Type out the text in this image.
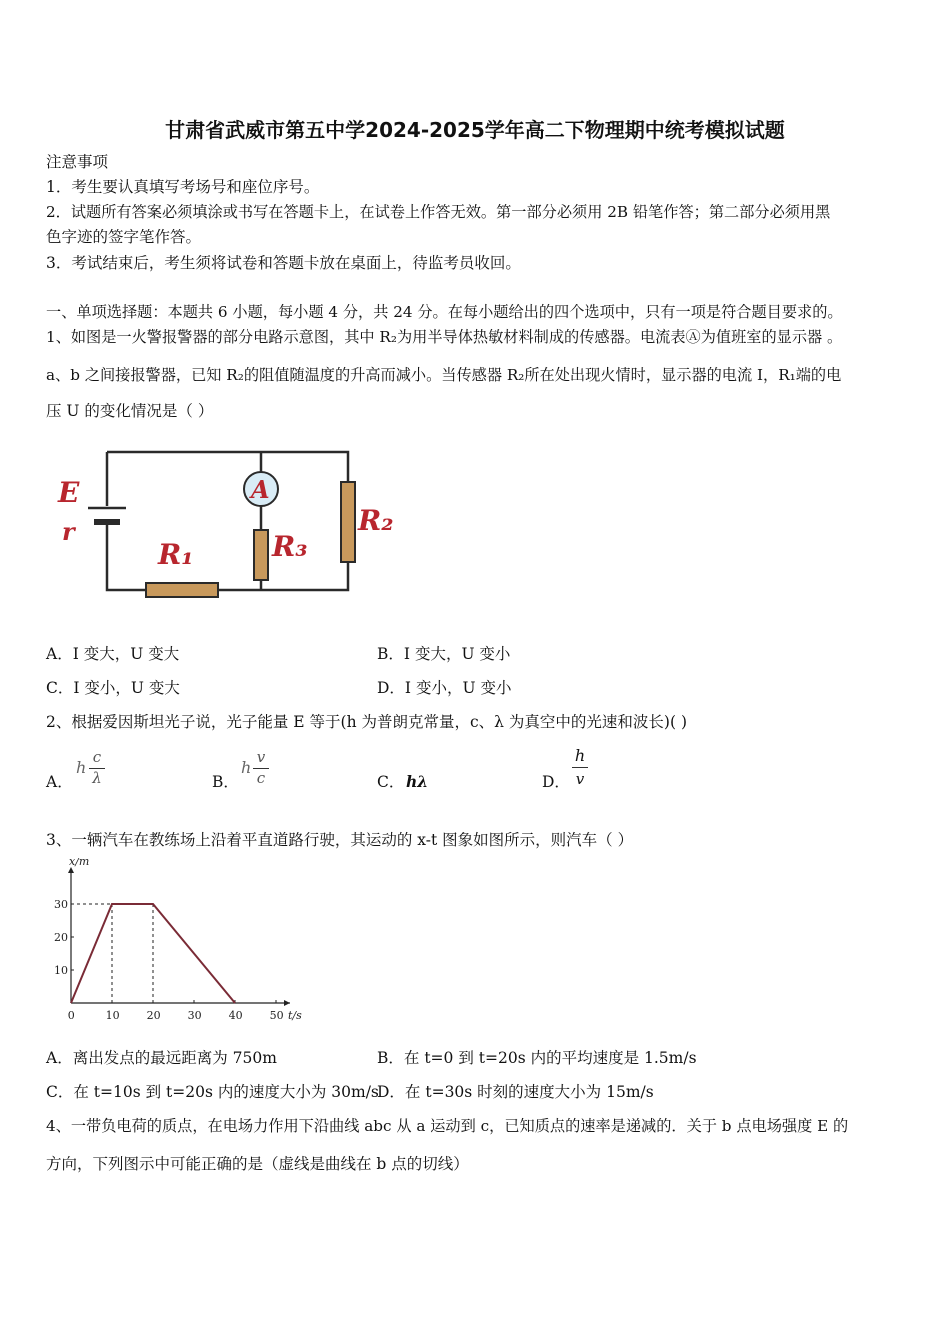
甘肃省武威市第五中学2024-2025学年高二下物理期中统考模拟试题
注意事项
1．考生要认真填写考场号和座位序号。
2．试题所有答案必须填涂或书写在答题卡上，在试卷上作答无效。第一部分必须用 2B 铅笔作答；第二部分必须用黑
色字迹的签字笔作答。
3．考试结束后，考生须将试卷和答题卡放在桌面上，待监考员收回。
一、单项选择题：本题共 6 小题，每小题 4 分，共 24 分。在每小题给出的四个选项中，只有一项是符合题目要求的。
1、如图是一火警报警器的部分电路示意图，其中 R₂为用半导体热敏材料制成的传感器。电流表Ⓐ为值班室的显示器 。
a、b 之间接报警器，已知 R₂的阻值随温度的升高而减小。当传感器 R₂所在处出现火情时，显示器的电流 I，R₁端的电
压 U 的变化情况是（ ）
E
r
A
R₁	R₃
R₂
A．I 变大，U 变大	B．I 变大，U 变小
C．I 变小，U 变大	D．I 变小，U 变小
2、根据爱因斯坦光子说，光子能量 E 等于(h 为普朗克常量，c、λ 为真空中的光速和波长)( )
A．
h
c
λ	B．
h
v
c	C． hλ	D．
h
v
3、一辆汽车在教练场上沿着平直道路行驶，其运动的 x-t 图象如图所示，则汽车（ ）
x/m
t/s
0	10 20 30 40 50
10
20
30
A．离出发点的最远距离为 750m	B．在 t=0 到 t=20s 内的平均速度是 1.5m/s
C．在 t=10s 到 t=20s 内的速度大小为 30m/s
D．在 t=30s 时刻的速度大小为 15m/s
4、一带负电荷的质点，在电场力作用下沿曲线 abc 从 a 运动到 c，已知质点的速率是递减的．关于 b 点电场强度 E 的
方向，下列图示中可能正确的是（虚线是曲线在 b 点的切线）
